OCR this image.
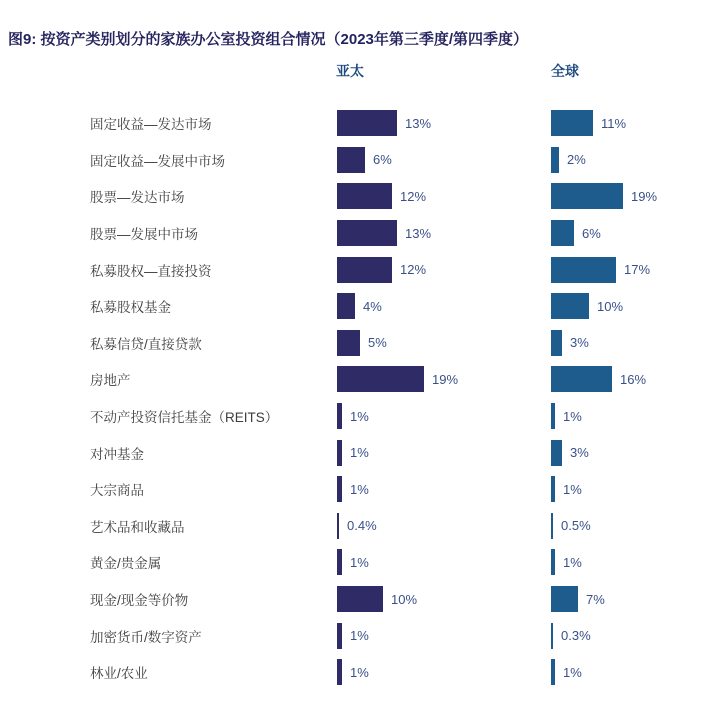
图9: 按资产类别划分的家族办公室投资组合情况（2023年第三季度/第四季度）
亚太	全球
固定收益—发达市场	13%	11%
固定收益—发展中市场	6%	2%
股票—发达市场	12%	19%
股票—发展中市场	13%	6%
私募股权—直接投资	12%	17%
私募股权基金	4%	10%
私募信贷/直接贷款	5%	3%
房地产	19%	16%
不动产投资信托基金（REITS）	1%	1%
对冲基金	1%	3%
大宗商品	1%	1%
艺术品和收藏品	0.4%	0.5%
黄金/贵金属	1%	1%
现金/现金等价物	10%	7%
加密货币/数字资产	1%	0.3%
林业/农业	1%	1%
